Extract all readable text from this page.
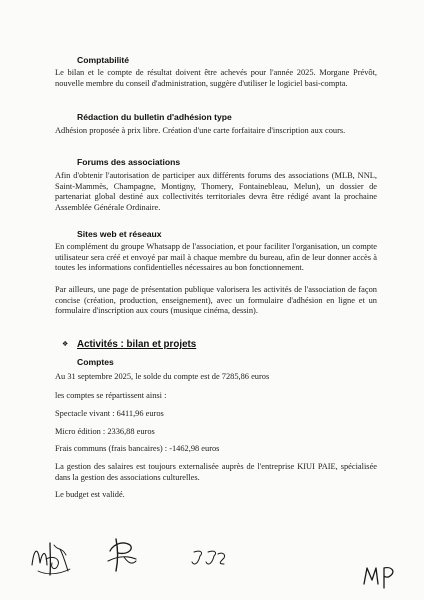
Comptabilité
Le bilan et le compte de résultat doivent être achevés pour l'année 2025. Morgane Prévôt, nouvelle membre du conseil d'administration, suggère d'utiliser le logiciel basi-compta.
Rédaction du bulletin d'adhésion type
Adhésion proposée à prix libre. Création d'une carte forfaitaire d'inscription aux cours.
Forums des associations
Afin d'obtenir l'autorisation de participer aux différents forums des associations (MLB, NNL, Saint-Mammès, Champagne, Montigny, Thomery, Fontainebleau, Melun), un dossier de partenariat global destiné aux collectivités territoriales devra être rédigé avant la prochaine Assemblée Générale Ordinaire.
Sites web et réseaux
En complément du groupe Whatsapp de l'association, et pour faciliter l'organisation, un compte utilisateur sera créé et envoyé par mail à chaque membre du bureau, afin de leur donner accès à toutes les informations confidentielles nécessaires au bon fonctionnement.
Par ailleurs, une page de présentation publique valorisera les activités de l'association de façon concise (création, production, enseignement), avec un formulaire d'adhésion en ligne et un formulaire d'inscription aux cours (musique cinéma, dessin).
❖ Activités : bilan et projets
Comptes
Au 31 septembre 2025, le solde du compte est de 7285,86 euros
les comptes se répartissent ainsi :
Spectacle vivant : 6411,96 euros
Micro édition : 2336,88 euros
Frais communs (frais bancaires) : -1462,98 euros
La gestion des salaires est toujours externalisée auprès de l'entreprise KIUI PAIE, spécialisée dans la gestion des associations culturelles.
Le budget est validé.
